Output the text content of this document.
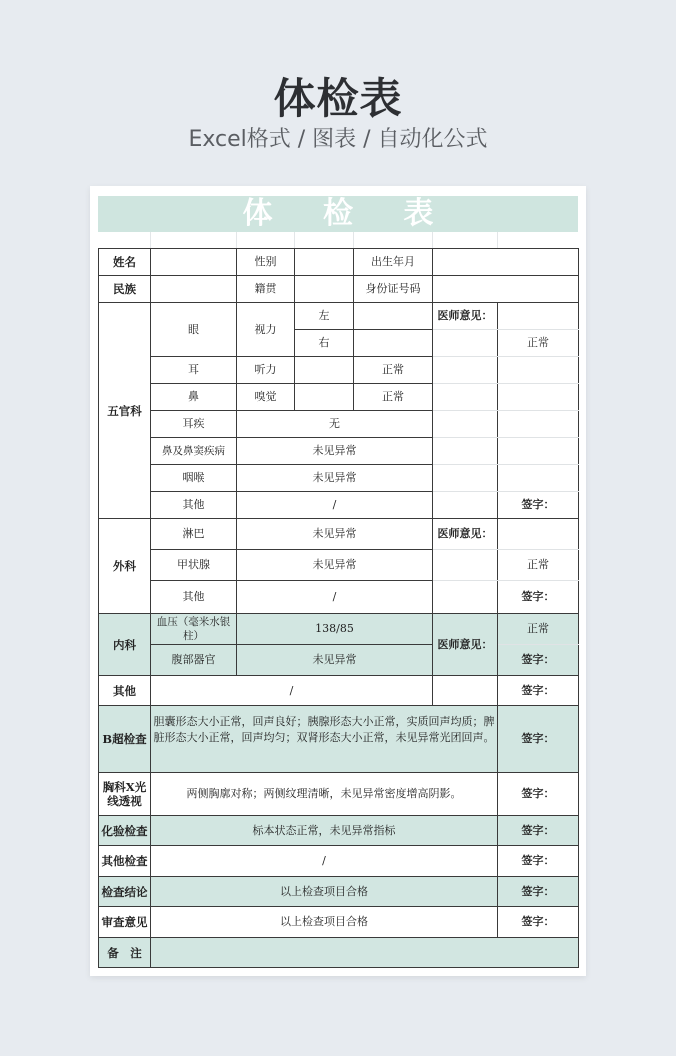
体检表
Excel格式 / 图表 / 自动化公式
体 检 表
姓名		性别		出生年月		
民族		籍贯		身份证号码		
五官科	眼	视力	左		医师意见：	
			右			正常
	耳	听力		正常		
	鼻	嗅觉		正常		
	耳疾	无				
	鼻及鼻窦疾病	未见异常				
	咽喉	未见异常				
	其他	/				签字：
外科	淋巴	未见异常			医师意见：	
	甲状腺	未见异常				正常
	其他	/				签字：
内科	血压（毫米水银柱）	138/85			医师意见：	正常
	腹部器官	未见异常				签字：
其他	/					签字：
B超检查	胆囊形态大小正常，回声良好；胰腺形态大小正常，实质回声均质；脾脏形态大小正常，回声均匀；双肾形态大小正常，未见异常光团回声。					签字：
胸科X光线透视	两侧胸廓对称；两侧纹理清晰，未见异常密度增高阴影。					签字：
化验检查	标本状态正常，未见异常指标					签字：
其他检查	/					签字：
检查结论	以上检查项目合格					签字：
审查意见	以上检查项目合格					签字：
备　注						
